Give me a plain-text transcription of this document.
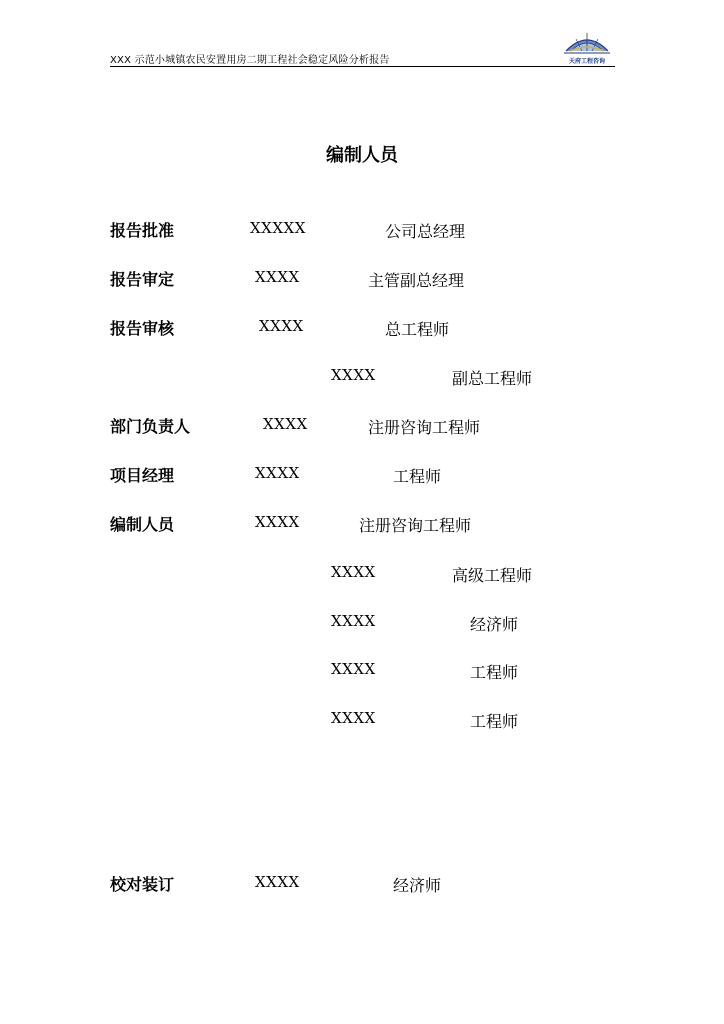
XXX 示范小城镇农民安置用房二期工程社会稳定风险分析报告	天府工程咨询
编制人员
报告批准	XXXXX	公司总经理
报告审定	XXXX	主管副总经理
报告审核	XXXX	总工程师
XXXX	副总工程师
部门负责人	XXXX	注册咨询工程师
项目经理	XXXX	工程师
编制人员	XXXX	注册咨询工程师
XXXX	高级工程师
XXXX	经济师
XXXX	工程师
XXXX	工程师
校对装订	XXXX	经济师
